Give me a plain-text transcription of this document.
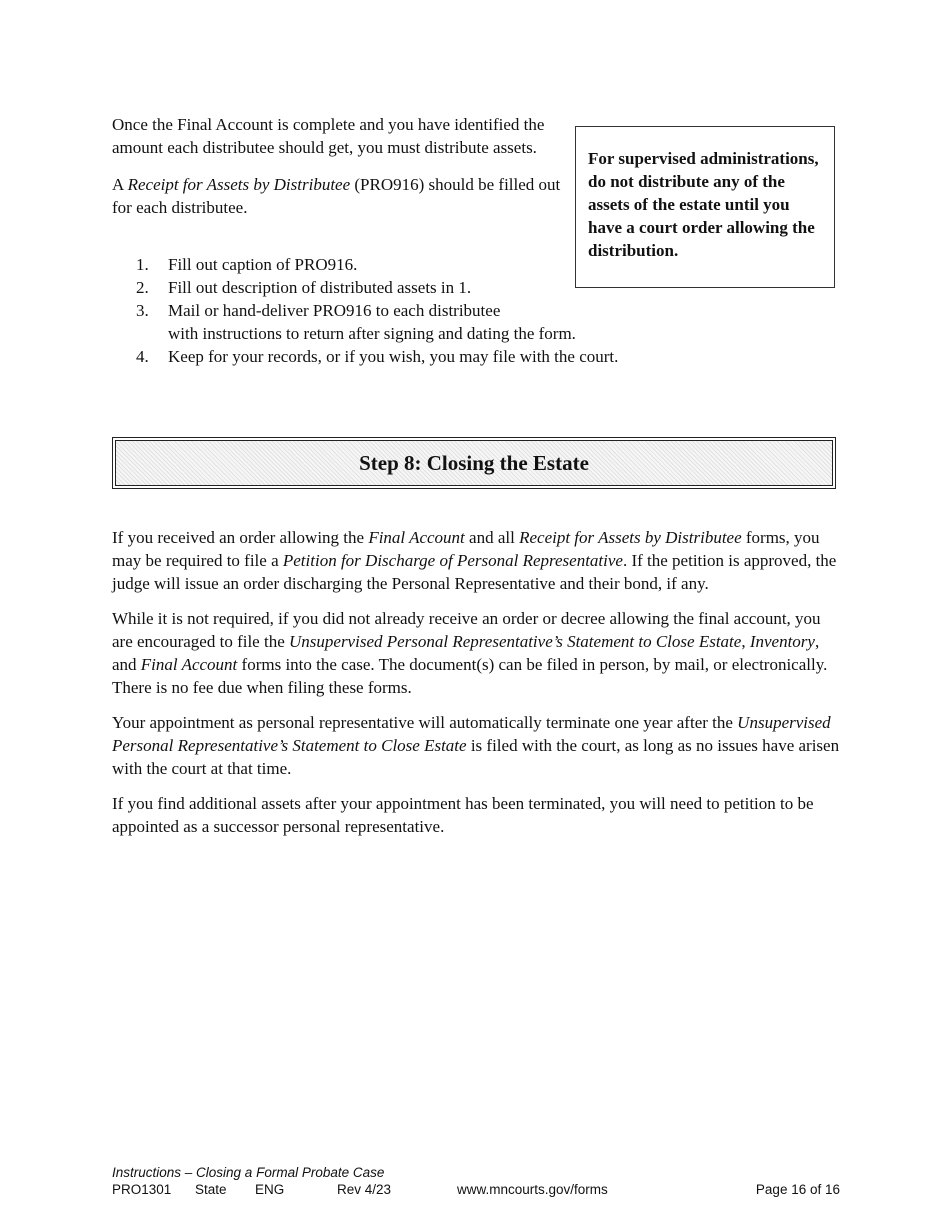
Once the Final Account is complete and you have identified the amount each distributee should get, you must distribute assets.

A Receipt for Assets by Distributee (PRO916) should be filled out for each distributee.

For supervised administrations, do not distribute any of the assets of the estate until you have a court order allowing the distribution.
1.	Fill out caption of PRO916.
2.	Fill out description of distributed assets in 1.
3.	Mail or hand-deliver PRO916 to each distributee
with instructions to return after signing and dating the form.
4.	Keep for your records, or if you wish, you may file with the court.
Step 8: Closing the Estate

If you received an order allowing the Final Account and all Receipt for Assets by Distributee forms, you may be required to file a Petition for Discharge of Personal Representative. If the petition is approved, the judge will issue an order discharging the Personal Representative and their bond, if any.

While it is not required, if you did not already receive an order or decree allowing the final account, you are encouraged to file the Unsupervised Personal Representative’s Statement to Close Estate, Inventory, and Final Account forms into the case. The document(s) can be filed in person, by mail, or electronically. There is no fee due when filing these forms.

Your appointment as personal representative will automatically terminate one year after the Unsupervised Personal Representative’s Statement to Close Estate is filed with the court, as long as no issues have arisen with the court at that time.

If you find additional assets after your appointment has been terminated, you will need to petition to be appointed as a successor personal representative.

Instructions – Closing a Formal Probate Case
PRO1301 State ENG	Rev 4/23	www.mncourts.gov/forms	Page 16 of 16
